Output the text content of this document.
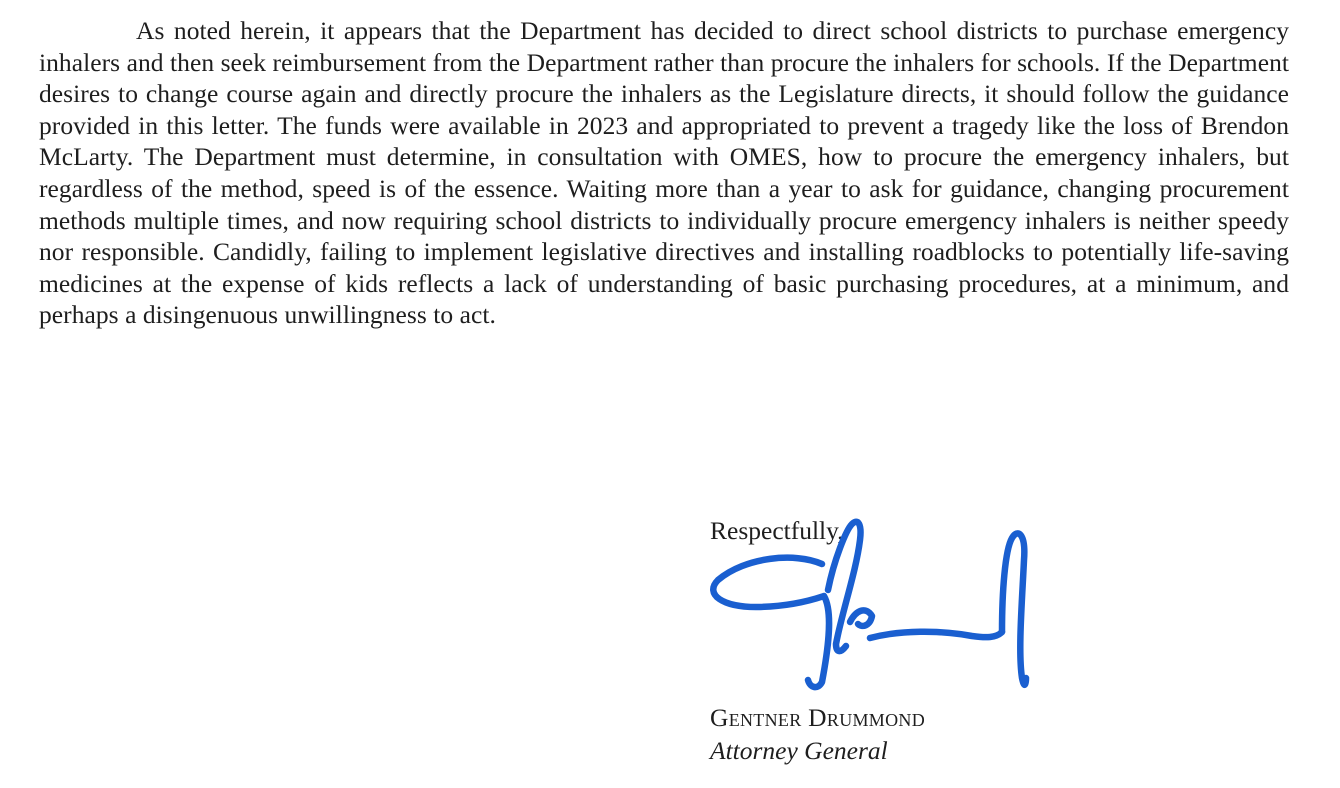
As noted herein, it appears that the Department has decided to direct school districts to purchase emergency inhalers and then seek reimbursement from the Department rather than procure the inhalers for schools. If the Department desires to change course again and directly procure the inhalers as the Legislature directs, it should follow the guidance provided in this letter. The funds were available in 2023 and appropriated to prevent a tragedy like the loss of Brendon McLarty. The Department must determine, in consultation with OMES, how to procure the emergency inhalers, but regardless of the method, speed is of the essence. Waiting more than a year to ask for guidance, changing procurement methods multiple times, and now requiring school districts to individually procure emergency inhalers is neither speedy nor responsible. Candidly, failing to implement legislative directives and installing roadblocks to potentially life-saving medicines at the expense of kids reflects a lack of understanding of basic purchasing procedures, at a minimum, and perhaps a disingenuous unwillingness to act.

Respectfully,
Gentner Drummond
Attorney General
